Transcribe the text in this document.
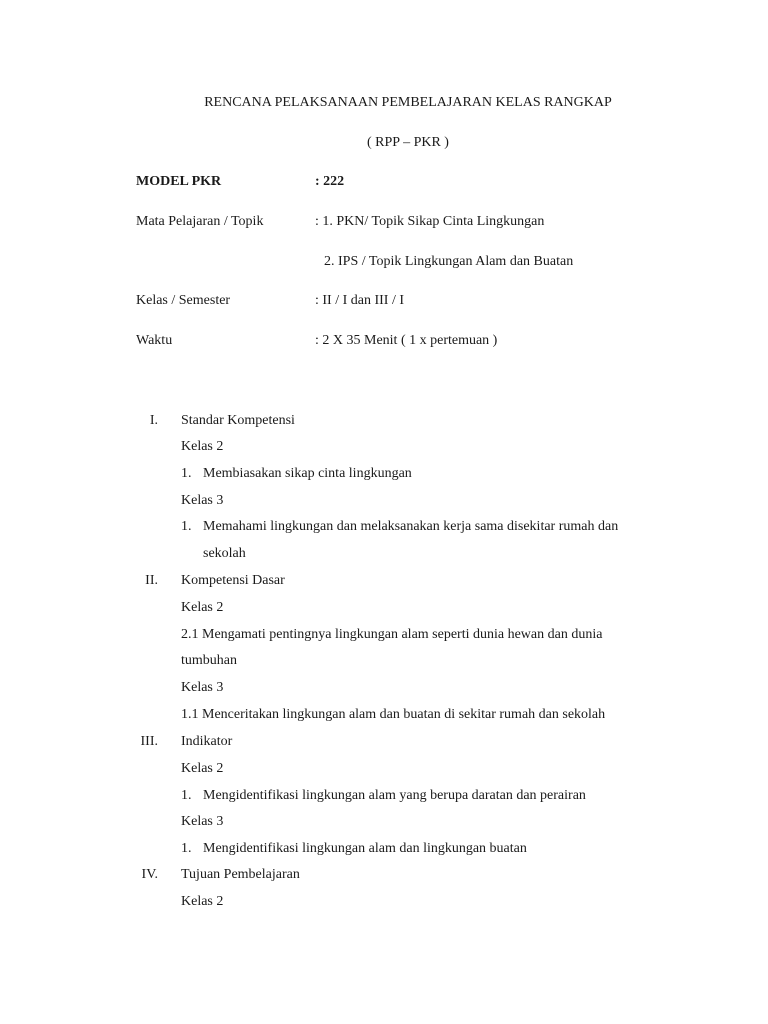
RENCANA PELAKSANAAN PEMBELAJARAN KELAS RANGKAP
( RPP – PKR )
MODEL PKR	: 222
Mata Pelajaran / Topik	: 1. PKN/ Topik Sikap Cinta Lingkungan
2. IPS / Topik Lingkungan Alam dan Buatan
Kelas / Semester	: II / I dan III / I
Waktu	: 2 X 35 Menit ( 1 x pertemuan )
I. Standar Kompetensi
Kelas 2
1. Membiasakan sikap cinta lingkungan
Kelas 3
1. Memahami lingkungan dan melaksanakan kerja sama disekitar rumah dan
sekolah
II. Kompetensi Dasar
Kelas 2
2.1 Mengamati pentingnya lingkungan alam seperti dunia hewan dan dunia
tumbuhan
Kelas 3
1.1 Menceritakan lingkungan alam dan buatan di sekitar rumah dan sekolah
III. Indikator
Kelas 2
1. Mengidentifikasi lingkungan alam yang berupa daratan dan perairan
Kelas 3
1. Mengidentifikasi lingkungan alam dan lingkungan buatan
IV. Tujuan Pembelajaran
Kelas 2
